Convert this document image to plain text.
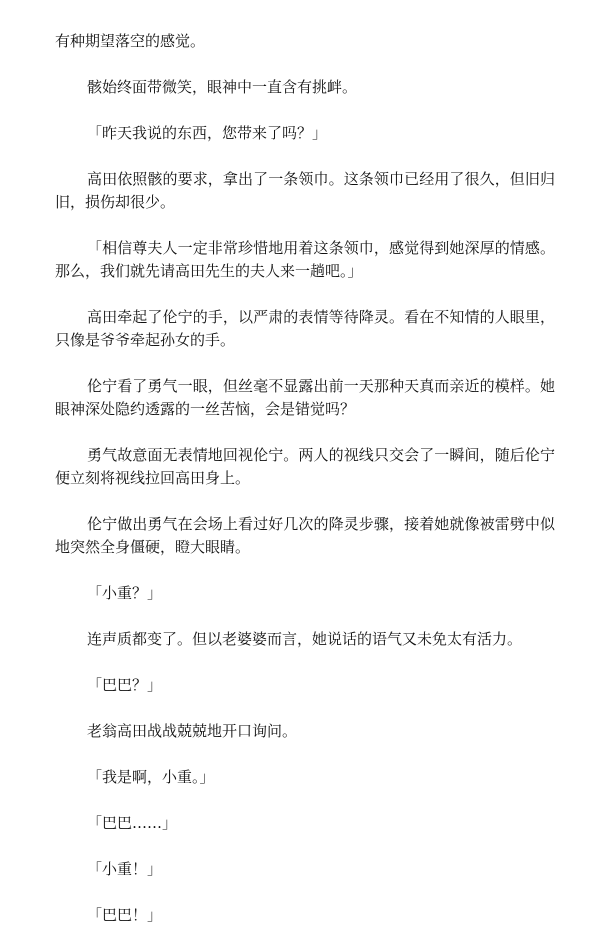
有种期望落空的感觉。

骸始终面带微笑，眼神中一直含有挑衅。

「昨天我说的东西，您带来了吗？」

高田依照骸的要求，拿出了一条领巾。这条领巾已经用了很久，但旧归旧，损伤却很少。

「相信尊夫人一定非常珍惜地用着这条领巾，感觉得到她深厚的情感。那么，我们就先请高田先生的夫人来一趟吧。」

高田牵起了伦宁的手，以严肃的表情等待降灵。看在不知情的人眼里，只像是爷爷牵起孙女的手。

伦宁看了勇气一眼，但丝毫不显露出前一天那种天真而亲近的模样。她眼神深处隐约透露的一丝苦恼，会是错觉吗？

勇气故意面无表情地回视伦宁。两人的视线只交会了一瞬间，随后伦宁便立刻将视线拉回高田身上。

伦宁做出勇气在会场上看过好几次的降灵步骤，接着她就像被雷劈中似地突然全身僵硬，瞪大眼睛。

「小重？」

连声质都变了。但以老婆婆而言，她说话的语气又未免太有活力。

「巴巴？」

老翁高田战战兢兢地开口询问。

「我是啊，小重。」

「巴巴……」

「小重！」

「巴巴！」
